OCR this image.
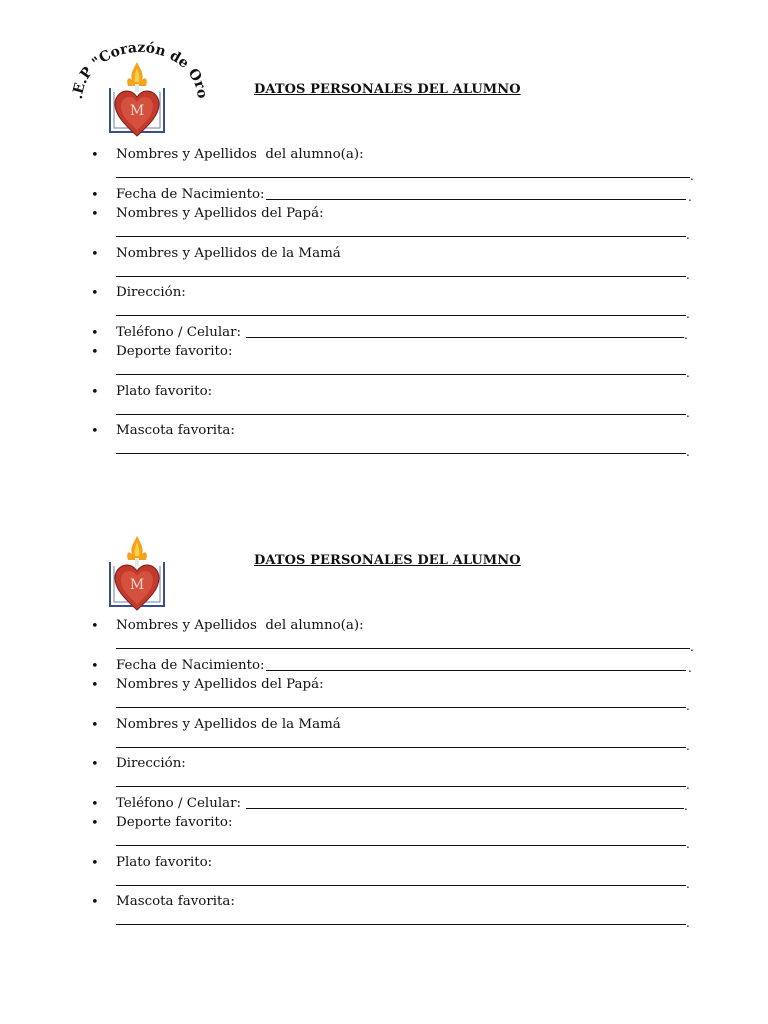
I.E.P "Corazón de Oro"
M
DATOS PERSONALES DEL ALUMNO
• Nombres y Apellidos  del alumno(a):
.
• Fecha de Nacimiento:	.
• Nombres y Apellidos del Papá:
.
• Nombres y Apellidos de la Mamá
.
• Dirección:
.
• Teléfono / Celular:	.
• Deporte favorito:
.
• Plato favorito:
.
• Mascota favorita:
.
M
DATOS PERSONALES DEL ALUMNO
• Nombres y Apellidos  del alumno(a):
.
• Fecha de Nacimiento:	.
• Nombres y Apellidos del Papá:
.
• Nombres y Apellidos de la Mamá
.
• Dirección:
.
• Teléfono / Celular:	.
• Deporte favorito:
.
• Plato favorito:
.
• Mascota favorita:
.
